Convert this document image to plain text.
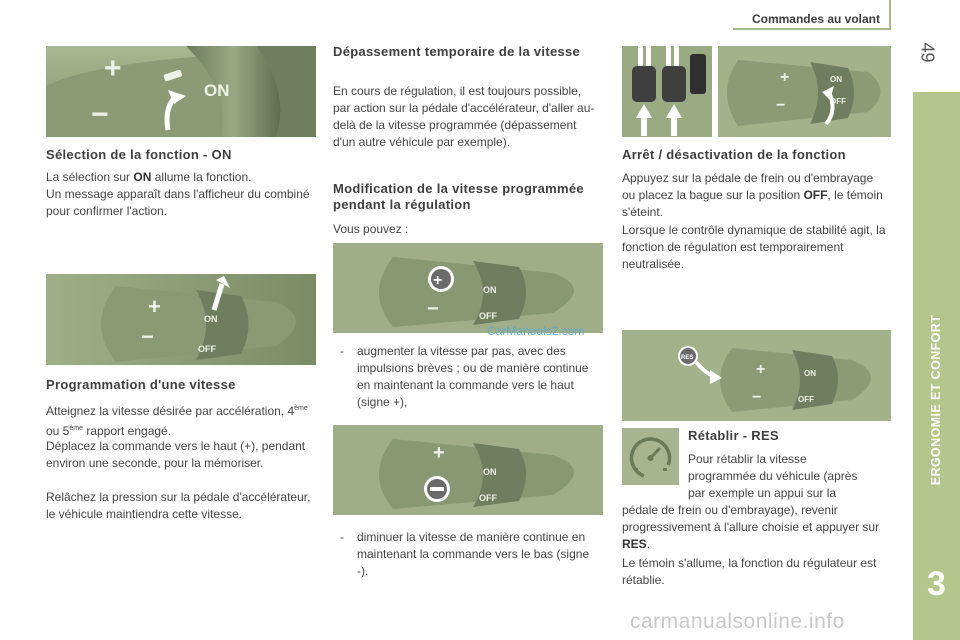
Commandes au volant
49
ERGONOMIE ET CONFORT
3
+
−
ON
+
−
ON
OFF
+
−
ON
OFF
+
ON
OFF
+
−
ON
OFF
RES
+
−
ON
OFF
Sélection de la fonction - ON
La sélection sur ON allume la fonction.
Un message apparaît dans l'afficheur du combiné pour confirmer l'action.
Programmation d'une vitesse
Atteignez la vitesse désirée par accélération, 4ème ou 5ème rapport engagé.
Déplacez la commande vers le haut (+), pendant environ une seconde, pour la mémoriser.
Relâchez la pression sur la pédale d'accélérateur, le véhicule maintiendra cette vitesse.
Dépassement temporaire de la vitesse
En cours de régulation, il est toujours possible, par action sur la pédale d'accélérateur, d'aller au-delà de la vitesse programmée (dépassement d'un autre véhicule par exemple).
Modification de la vitesse programmée pendant la régulation
Vous pouvez :
- augmenter la vitesse par pas, avec des impulsions brèves ; ou de manière continue en maintenant la commande vers le haut (signe +),
- diminuer la vitesse de manière continue en maintenant la commande vers le bas (signe -).
Arrêt / désactivation de la fonction
Appuyez sur la pédale de frein ou d'embrayage ou placez la bague sur la position OFF, le témoin s'éteint.
Lorsque le contrôle dynamique de stabilité agit, la fonction de régulation est temporairement neutralisée.
Rétablir - RES
Pour rétablir la vitesse programmée du véhicule (après par exemple un appui sur la
pédale de frein ou d'embrayage), revenir progressivement à l'allure choisie et appuyer sur RES.
Le témoin s'allume, la fonction du régulateur est rétablie.
CarManuals2.com
carmanualsonline.info
